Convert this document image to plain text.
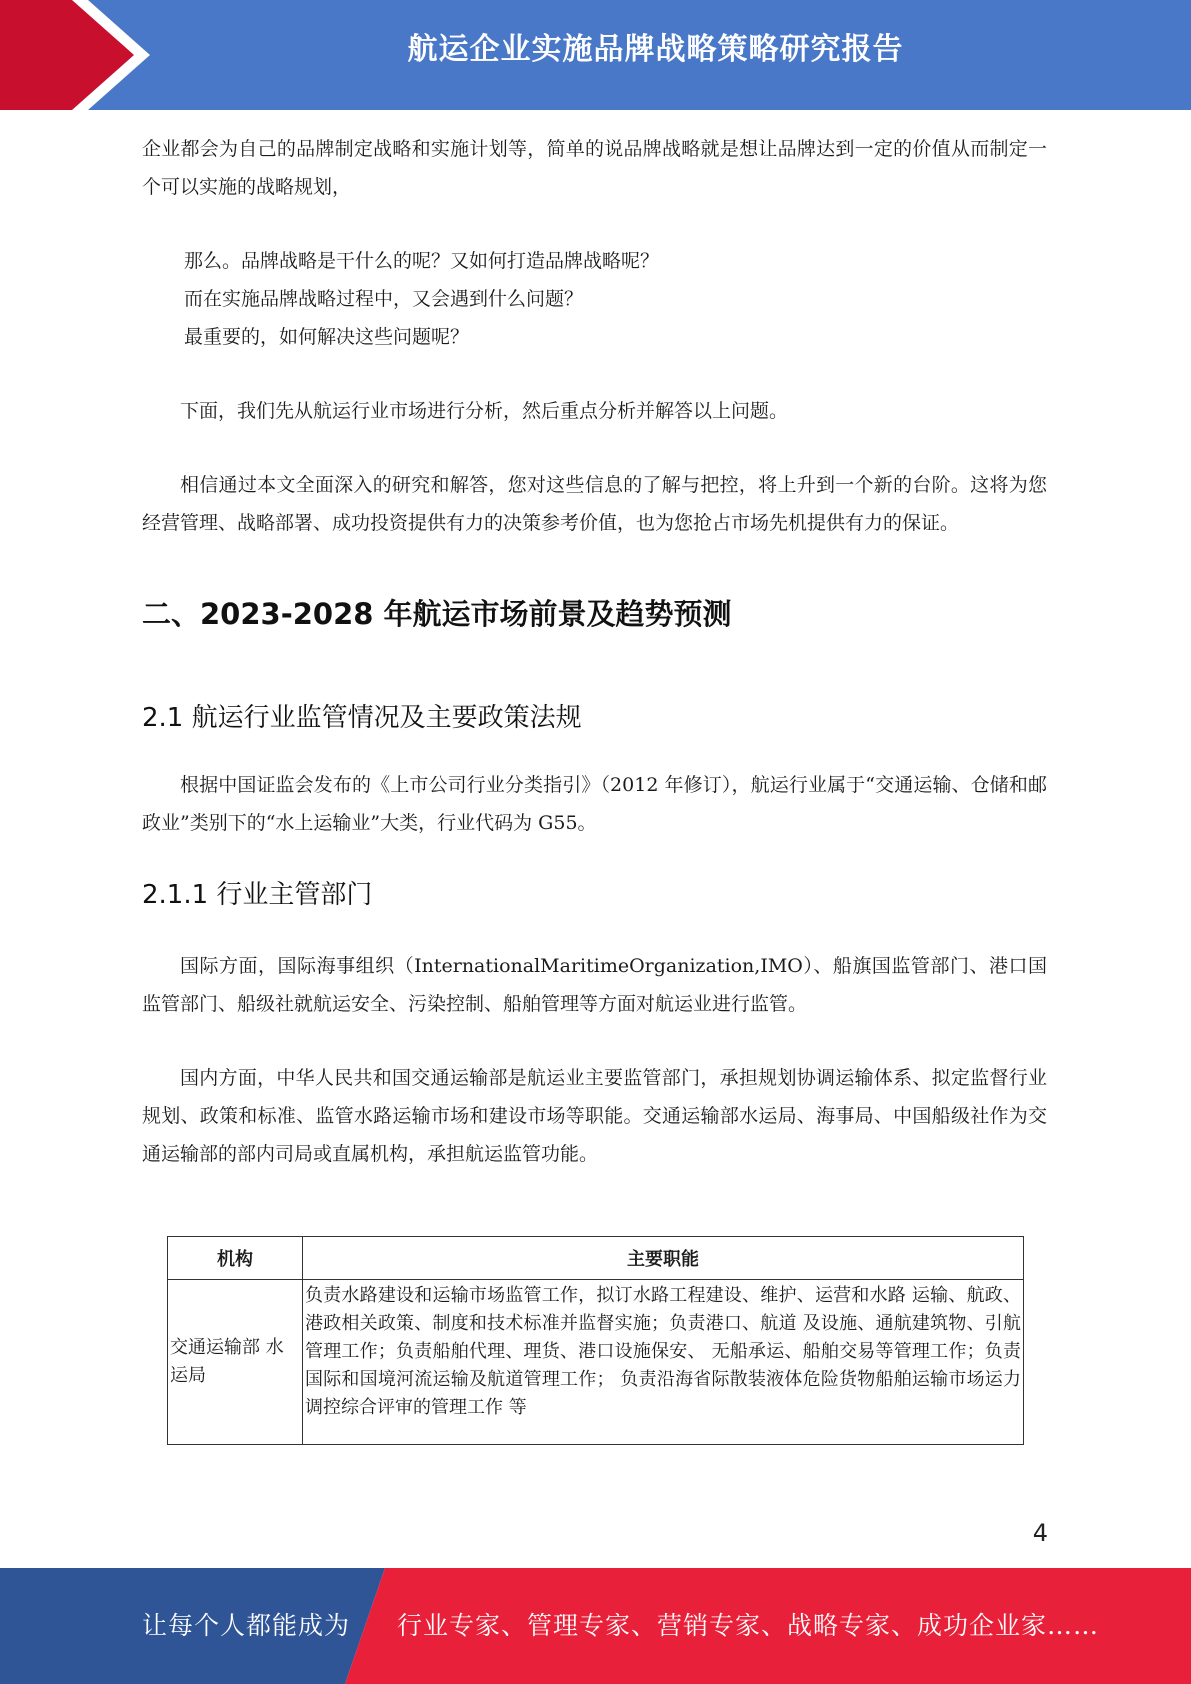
航运企业实施品牌战略策略研究报告

企业都会为自己的品牌制定战略和实施计划等，简单的说品牌战略就是想让品牌达到一定的价值从而制定一个可以实施的战略规划，

那么。品牌战略是干什么的呢？又如何打造品牌战略呢？

而在实施品牌战略过程中，又会遇到什么问题？

最重要的，如何解决这些问题呢？

下面，我们先从航运行业市场进行分析，然后重点分析并解答以上问题。

相信通过本文全面深入的研究和解答，您对这些信息的了解与把控，将上升到一个新的台阶。这将为您经营管理、战略部署、成功投资提供有力的决策参考价值，也为您抢占市场先机提供有力的保证。

二、2023-2028 年航运市场前景及趋势预测
2.1 航运行业监管情况及主要政策法规

根据中国证监会发布的《上市公司行业分类指引》（2012 年修订），航运行业属于“交通运输、仓储和邮政业”类别下的“水上运输业”大类，行业代码为 G55。

2.1.1 行业主管部门

国际方面，国际海事组织（InternationalMaritimeOrganization,IMO）、船旗国监管部门、港口国监管部门、船级社就航运安全、污染控制、船舶管理等方面对航运业进行监管。

国内方面，中华人民共和国交通运输部是航运业主要监管部门，承担规划协调运输体系、拟定监督行业规划、政策和标准、监管水路运输市场和建设市场等职能。交通运输部水运局、海事局、中国船级社作为交通运输部的部内司局或直属机构，承担航运监管功能。

机构	主要职能
交通运输部 水运局	负责水路建设和运输市场监管工作，拟订水路工程建设、维护、运营和水路 运输、航政、港政相关政策、制度和技术标准并监督实施；负责港口、航道 及设施、通航建筑物、引航管理工作；负责船舶代理、理货、港口设施保安、 无船承运、船舶交易等管理工作；负责国际和国境河流运输及航道管理工作； 负责沿海省际散装液体危险货物船舶运输市场运力调控综合评审的管理工作 等
4
让每个人都能成为 行业专家、管理专家、营销专家、战略专家、成功企业家……
